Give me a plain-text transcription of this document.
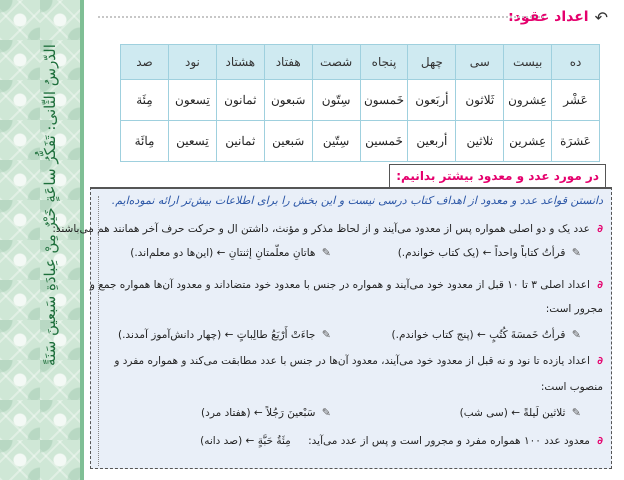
الدّرسُ الثّانی: تَفَكُّرُ ساعَةٍ خَيْرٌ مِنْ عِبادَةِ سَبعينَ سَنَةً
↶
اعداد عقود:
ده	بیست	سی	چهل	پنجاه	شصت	هفتاد	هشتاد	نود	صد
عَشْر	عِشرون	ثَلاثون	أربَعون	خَمسون	سِتّون	سَبعون	ثمانون	تِسعون	مِئَة
عَشرَة	عِشرين	ثلاثين	أربعين	خَمسين	سِتّين	سَبعين	ثمانين	تِسعين	مِائَة
در مورد عدد و معدود بیشتر بدانیم:
دانستن قواعد عدد و معدود از اهداف کتاب درسی نیست و این بخش را برای اطلاعات بیش‌تر ارائه نموده‌ایم.
∂ عدد یک و دو اصلی همواره پس از معدود می‌آیند و از لحاظ مذکر و مؤنث، داشتن ال و حرکت حرف آخر همانند هم می‌باشند:
✎ قرأتُ کتاباً واحداً ← (یک کتاب خواندم.)
✎ هاتانِ معلّمتانِ إثنتانِ ← (این‌ها دو معلم‌اند.)
∂ اعداد اصلی ۳ تا ۱۰ قبل از معدود خود می‌آیند و همواره در جنس با معدود خود متضاداند و معدود آن‌ها همواره جمع و
مجرور است:
✎ قرأتُ خَمسَةَ کُتُبٍ ← (پنج کتاب خواندم.)
✎ جاءَتْ أَرْبَعُ طالِباتٍ ← (چهار دانش‌آموز آمدند.)
∂ اعداد یازده تا نود و نه قبل از معدود خود می‌آیند، معدود آن‌ها در جنس با عدد مطابقت می‌کند و همواره مفرد و
منصوب است:
✎ ثلاثین لَیلةً ← (سی شب)
✎ سَبْعینَ رَجُلاً ← (هفتاد مرد)
∂ معدود عدد ۱۰۰ همواره مفرد و مجرور است و پس از عدد می‌آید: مِئَةُ حَبَّةٍ ← (صد دانه)
